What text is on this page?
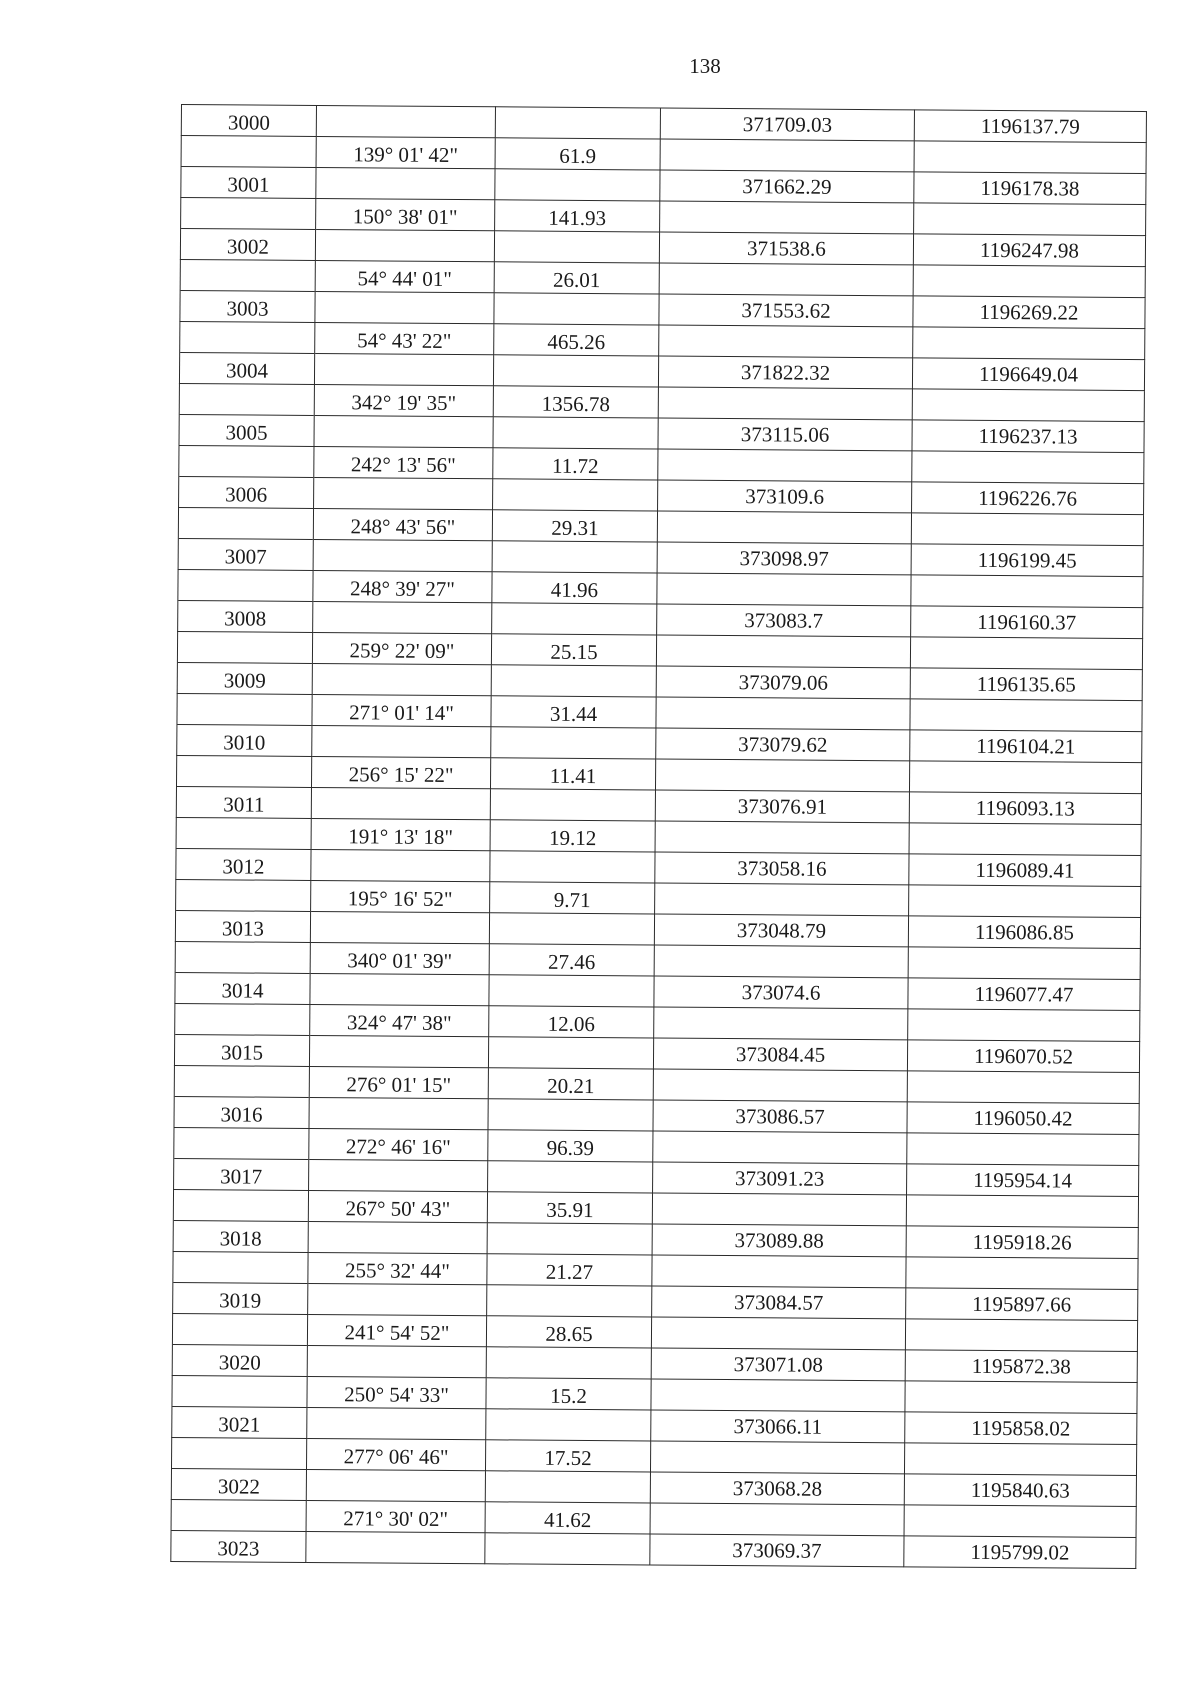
138
3000			371709.03	1196137.79
	139° 01' 42"	61.9		
3001			371662.29	1196178.38
	150° 38' 01"	141.93		
3002			371538.6	1196247.98
	54° 44' 01"	26.01		
3003			371553.62	1196269.22
	54° 43' 22"	465.26		
3004			371822.32	1196649.04
	342° 19' 35"	1356.78		
3005			373115.06	1196237.13
	242° 13' 56"	11.72		
3006			373109.6	1196226.76
	248° 43' 56"	29.31		
3007			373098.97	1196199.45
	248° 39' 27"	41.96		
3008			373083.7	1196160.37
	259° 22' 09"	25.15		
3009			373079.06	1196135.65
	271° 01' 14"	31.44		
3010			373079.62	1196104.21
	256° 15' 22"	11.41		
3011			373076.91	1196093.13
	191° 13' 18"	19.12		
3012			373058.16	1196089.41
	195° 16' 52"	9.71		
3013			373048.79	1196086.85
	340° 01' 39"	27.46		
3014			373074.6	1196077.47
	324° 47' 38"	12.06		
3015			373084.45	1196070.52
	276° 01' 15"	20.21		
3016			373086.57	1196050.42
	272° 46' 16"	96.39		
3017			373091.23	1195954.14
	267° 50' 43"	35.91		
3018			373089.88	1195918.26
	255° 32' 44"	21.27		
3019			373084.57	1195897.66
	241° 54' 52"	28.65		
3020			373071.08	1195872.38
	250° 54' 33"	15.2		
3021			373066.11	1195858.02
	277° 06' 46"	17.52		
3022			373068.28	1195840.63
	271° 30' 02"	41.62		
3023			373069.37	1195799.02
